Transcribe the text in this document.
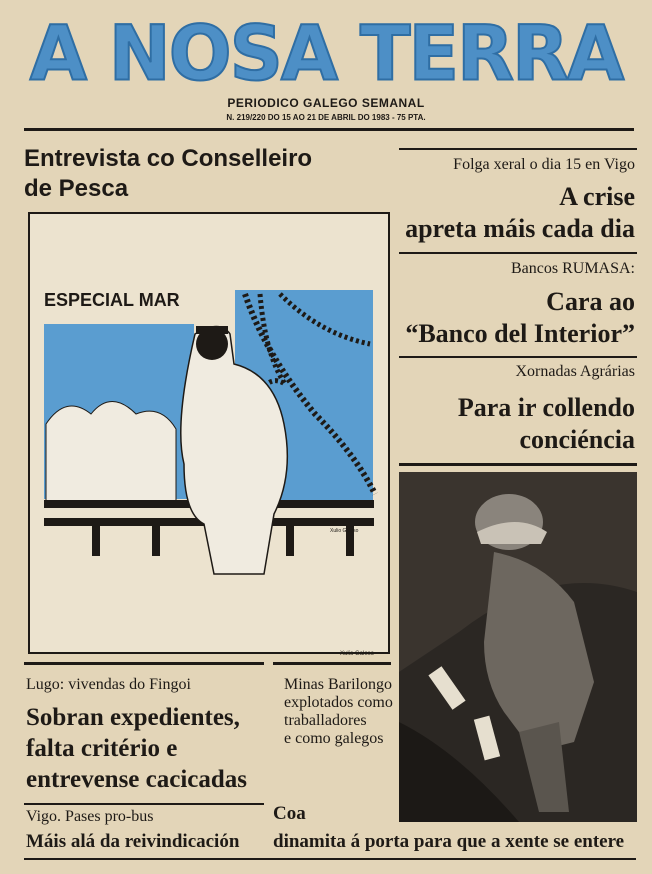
A NOSA TERRA
PERIODICO GALEGO SEMANAL
N. 219/220 DO 15 AO 21 DE ABRIL DO 1983 - 75 PTA.
Entrevista co Conselleiro de Pesca
ESPECIAL MAR
Xulio Galeso
Xulio Galeso
Folga xeral o dia 15 en Vigo
A crise
apreta máis cada dia
Bancos RUMASA:
Cara ao
“Banco del Interior”
Xornadas Agrárias
Para ir collendo
conciéncia
Lugo: vivendas do Fingoi
Sobran expedientes,
falta critério e
entrevense cacicadas
Minas Barilongo
explotados como
traballadores
e como galegos
Vigo. Pases pro-bus
Máis alá da reivindicación
Coa
dinamita á porta para que a xente se entere
